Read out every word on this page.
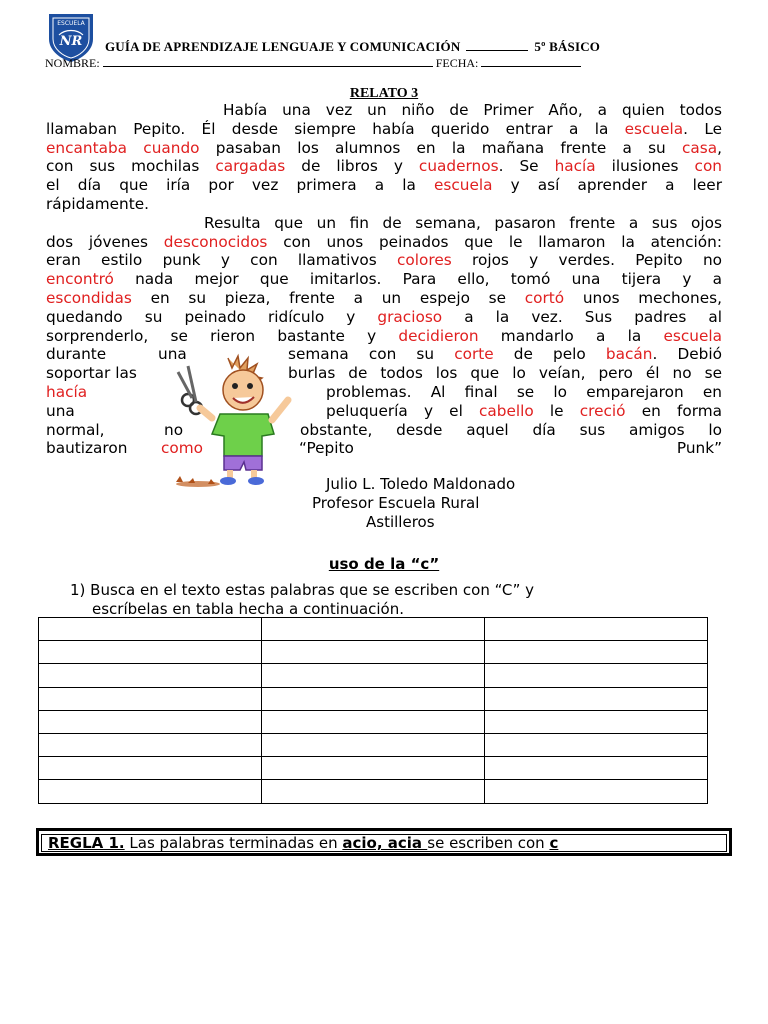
ESCUELA
NR GUÍA DE APRENDIZAJE LENGUAJE Y COMUNICACIÓN	5º BÁSICO
NOMBRE:	FECHA:
RELATO 3
Había una vez un niño de Primer Año, a quien todos
llamaban Pepito. Él desde siempre había querido entrar a la escuela. Le
encantaba cuando pasaban los alumnos en la mañana frente a su casa,
con sus mochilas cargadas de libros y cuadernos. Se hacía ilusiones con
el día que iría por vez primera a la escuela y así aprender a leer
rápidamente.
Resulta que un fin de semana, pasaron frente a sus ojos
dos jóvenes desconocidos con unos peinados que le llamaron la atención:
eran estilo punk y con llamativos colores rojos y verdes. Pepito no
encontró nada mejor que imitarlos. Para ello, tomó una tijera y a
escondidas en su pieza, frente a un espejo se cortó unos mechones,
quedando su peinado ridículo y gracioso a la vez. Sus padres al
sorprenderlo, se rieron bastante y decidieron mandarlo a la escuela
durante	una	semana con su corte de pelo bacán. Debió
soportar las	burlas de todos los que lo veían, pero él no se
hacía	problemas. Al final se lo emparejaron en
una	peluquería y el cabello le creció en forma
normal,	no	obstante, desde aquel día sus amigos lo
bautizaron como	“Pepito Punk”
Julio L. Toledo Maldonado
Profesor Escuela Rural
Astilleros
uso de la “c”
1) Busca en el texto estas palabras que se escriben con “C” y
escríbelas en tabla hecha a continuación.

REGLA 1. Las palabras terminadas en acio, acia se escriben con c
